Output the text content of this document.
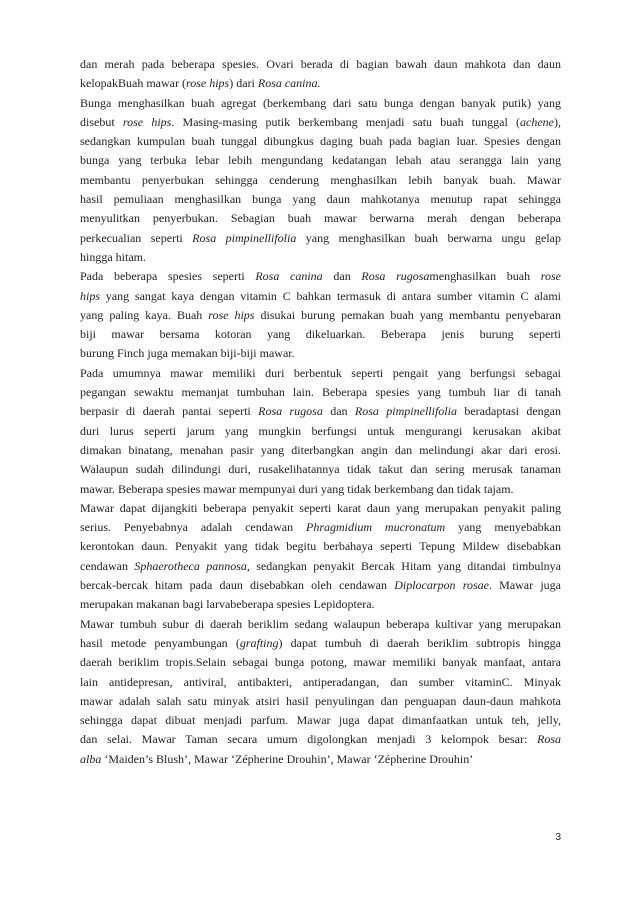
dan merah pada beberapa spesies. Ovari berada di bagian bawah daun mahkota dan daun
kelopakBuah mawar (rose hips) dari Rosa canina.
Bunga menghasilkan buah agregat (berkembang dari satu bunga dengan banyak putik) yang
disebut rose hips. Masing-masing putik berkembang menjadi satu buah tunggal (achene),
sedangkan kumpulan buah tunggal dibungkus daging buah pada bagian luar. Spesies dengan
bunga yang terbuka lebar lebih mengundang kedatangan lebah atau serangga lain yang
membantu penyerbukan sehingga cenderung menghasilkan lebih banyak buah. Mawar
hasil pemuliaan menghasilkan bunga yang daun mahkotanya menutup rapat sehingga
menyulitkan penyerbukan. Sebagian buah mawar berwarna merah dengan beberapa
perkecualian seperti Rosa pimpinellifolia yang menghasilkan buah berwarna ungu gelap
hingga hitam.
Pada beberapa spesies seperti Rosa canina dan Rosa rugosamenghasilkan buah rose
hips yang sangat kaya dengan vitamin C bahkan termasuk di antara sumber vitamin C alami
yang paling kaya. Buah rose hips disukai burung pemakan buah yang membantu penyebaran
biji mawar bersama kotoran yang dikeluarkan. Beberapa jenis burung seperti
burung Finch juga memakan biji-biji mawar.
Pada umumnya mawar memiliki duri berbentuk seperti pengait yang berfungsi sebagai
pegangan sewaktu memanjat tumbuhan lain. Beberapa spesies yang tumbuh liar di tanah
berpasir di daerah pantai seperti Rosa rugosa dan Rosa pimpinellifolia beradaptasi dengan
duri lurus seperti jarum yang mungkin berfungsi untuk mengurangi kerusakan akibat
dimakan binatang, menahan pasir yang diterbangkan angin dan melindungi akar dari erosi.
Walaupun sudah dilindungi duri, rusakelihatannya tidak takut dan sering merusak tanaman
mawar. Beberapa spesies mawar mempunyai duri yang tidak berkembang dan tidak tajam.
Mawar dapat dijangkiti beberapa penyakit seperti karat daun yang merupakan penyakit paling
serius. Penyebabnya adalah cendawan Phragmidium mucronatum yang menyebabkan
kerontokan daun. Penyakit yang tidak begitu berbahaya seperti Tepung Mildew disebabkan
cendawan Sphaerotheca pannosa, sedangkan penyakit Bercak Hitam yang ditandai timbulnya
bercak-bercak hitam pada daun disebabkan oleh cendawan Diplocarpon rosae. Mawar juga
merupakan makanan bagi larvabeberapa spesies Lepidoptera.
Mawar tumbuh subur di daerah beriklim sedang walaupun beberapa kultivar yang merupakan
hasil metode penyambungan (grafting) dapat tumbuh di daerah beriklim subtropis hingga
daerah beriklim tropis.Selain sebagai bunga potong, mawar memiliki banyak manfaat, antara
lain antidepresan, antiviral, antibakteri, antiperadangan, dan sumber vitaminC. Minyak
mawar adalah salah satu minyak atsiri hasil penyulingan dan penguapan daun-daun mahkota
sehingga dapat dibuat menjadi parfum. Mawar juga dapat dimanfaatkan untuk teh, jelly,
dan selai. Mawar Taman secara umum digolongkan menjadi 3 kelompok besar: Rosa
alba ‘Maiden’s Blush’, Mawar ‘Zépherine Drouhin’, Mawar ‘Zépherine Drouhin’
3
